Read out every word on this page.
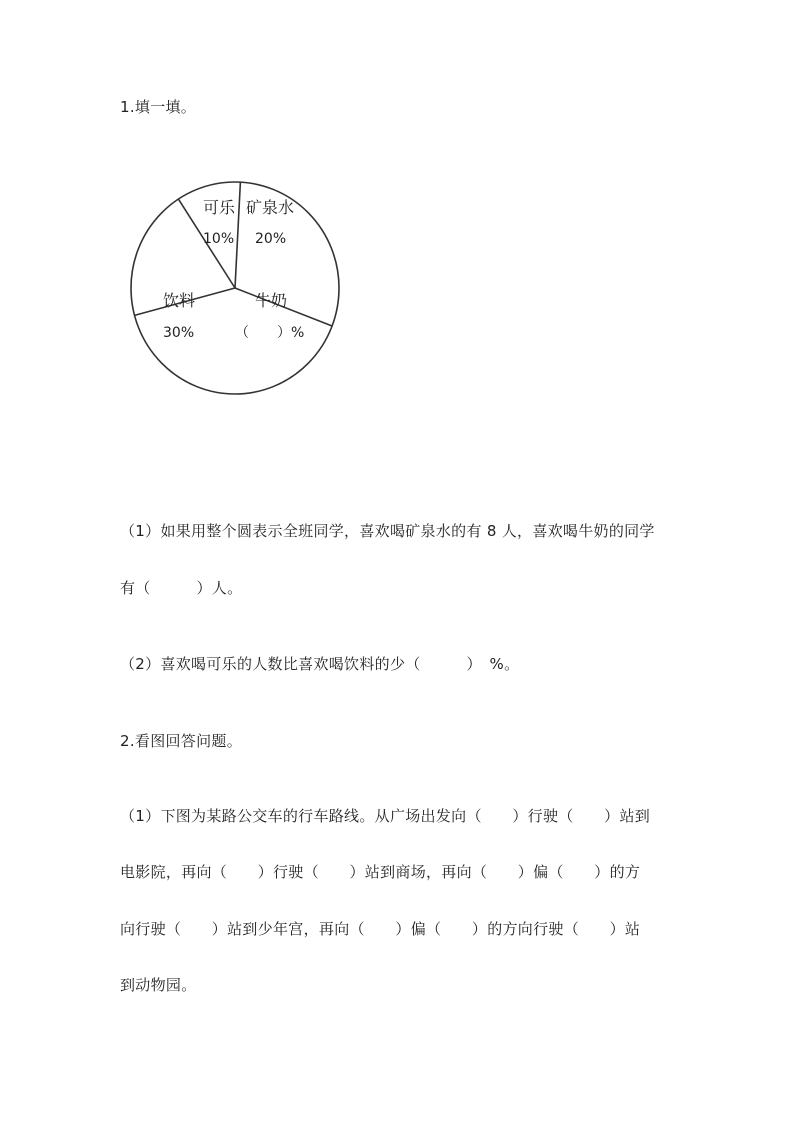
1.填一填。
可乐
10%
矿泉水
20%
牛奶
（　　）%
饮料
30%
（1）如果用整个圆表示全班同学，喜欢喝矿泉水的有 8 人，喜欢喝牛奶的同学
有（　　　）人。
（2）喜欢喝可乐的人数比喜欢喝饮料的少（　　　）　%。
2.看图回答问题。
（1）下图为某路公交车的行车路线。从广场出发向（　　）行驶（　　）站到
电影院，再向（　　）行驶（　　）站到商场，再向（　　）偏（　　）的方
向行驶（　　）站到少年宫，再向（　　）偏（　　）的方向行驶（　　）站
到动物园。
